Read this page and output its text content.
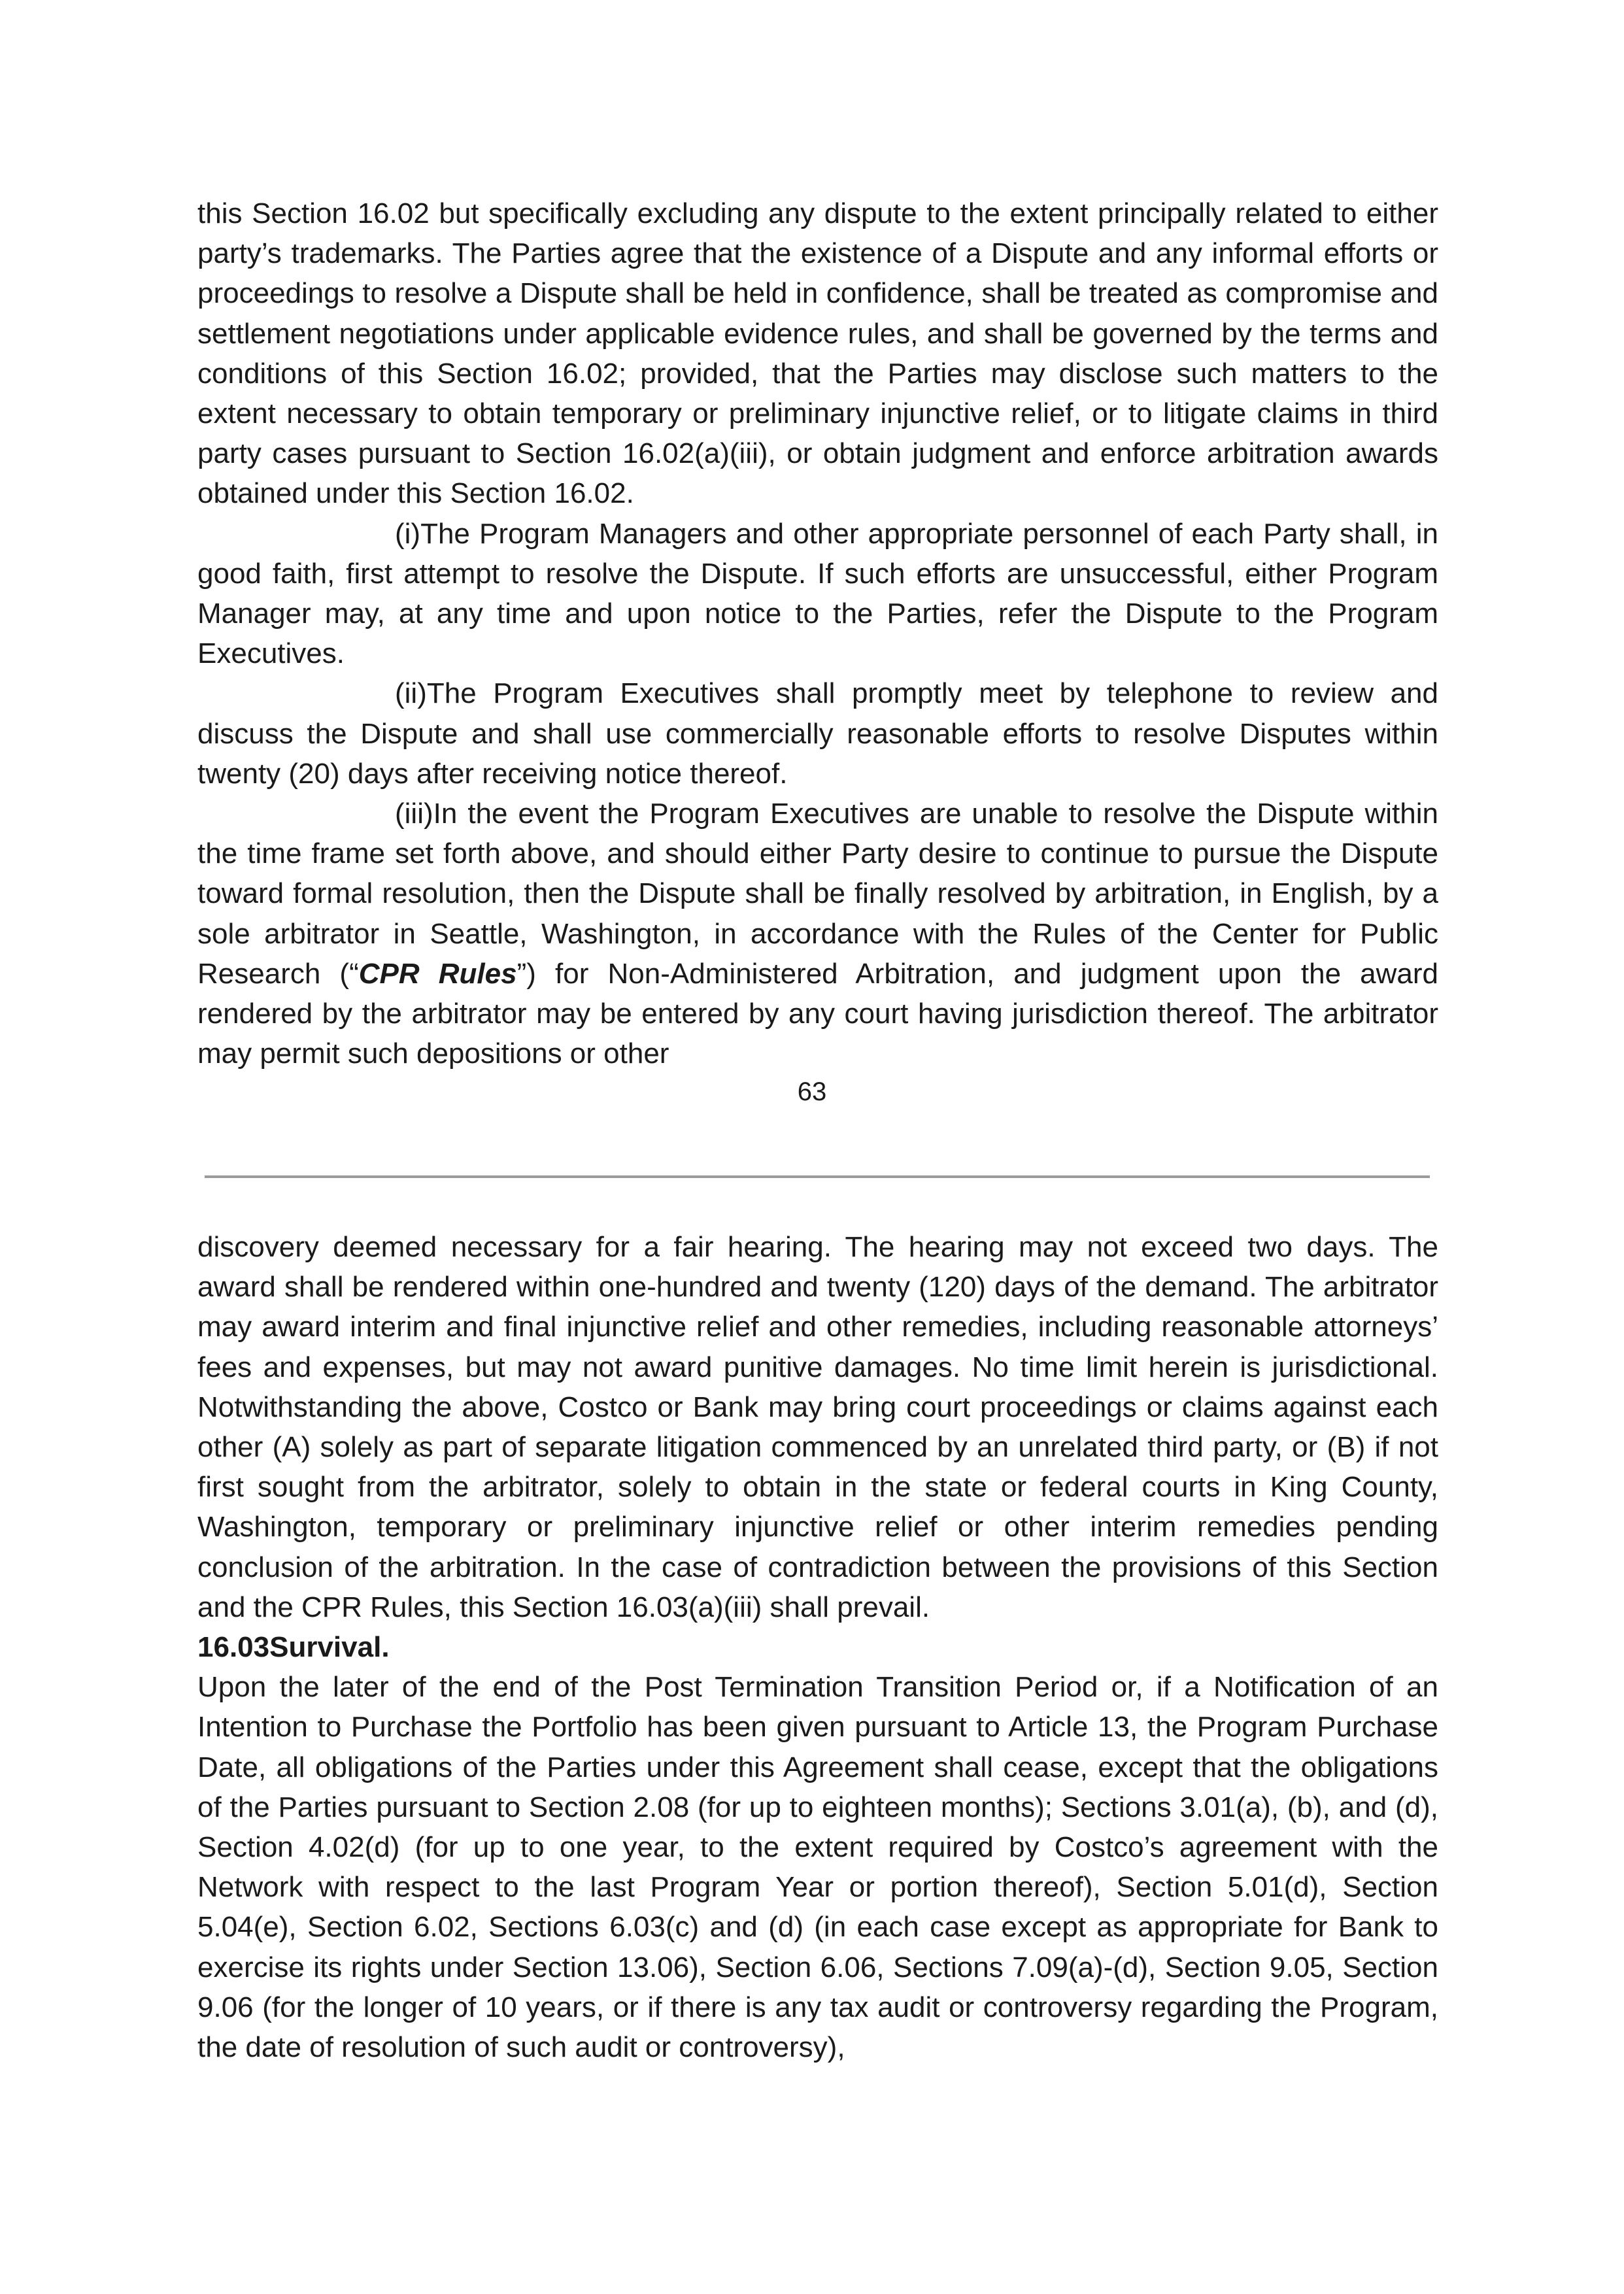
this Section 16.02 but specifically excluding any dispute to the extent principally related to either party’s trademarks. The Parties agree that the existence of a Dispute and any informal efforts or proceedings to resolve a Dispute shall be held in confidence, shall be treated as compromise and settlement negotiations under applicable evidence rules, and shall be governed by the terms and conditions of this Section 16.02; provided, that the Parties may disclose such matters to the extent necessary to obtain temporary or preliminary injunctive relief, or to litigate claims in third party cases pursuant to Section 16.02(a)(iii), or obtain judgment and enforce arbitration awards obtained under this Section 16.02.

(i)The Program Managers and other appropriate personnel of each Party shall, in good faith, first attempt to resolve the Dispute. If such efforts are unsuccessful, either Program Manager may, at any time and upon notice to the Parties, refer the Dispute to the Program Executives.

(ii)The Program Executives shall promptly meet by telephone to review and discuss the Dispute and shall use commercially reasonable efforts to resolve Disputes within twenty (20) days after receiving notice thereof.

(iii)In the event the Program Executives are unable to resolve the Dispute within the time frame set forth above, and should either Party desire to continue to pursue the Dispute toward formal resolution, then the Dispute shall be finally resolved by arbitration, in English, by a sole arbitrator in Seattle, Washington, in accordance with the Rules of the Center for Public Research (“CPR Rules”) for Non-Administered Arbitration, and judgment upon the award rendered by the arbitrator may be entered by any court having jurisdiction thereof. The arbitrator may permit such depositions or other

63

discovery deemed necessary for a fair hearing. The hearing may not exceed two days. The award shall be rendered within one-hundred and twenty (120) days of the demand. The arbitrator may award interim and final injunctive relief and other remedies, including reasonable attorneys’ fees and expenses, but may not award punitive damages. No time limit herein is jurisdictional. Notwithstanding the above, Costco or Bank may bring court proceedings or claims against each other (A) solely as part of separate litigation commenced by an unrelated third party, or (B) if not first sought from the arbitrator, solely to obtain in the state or federal courts in King County, Washington, temporary or preliminary injunctive relief or other interim remedies pending conclusion of the arbitration. In the case of contradiction between the provisions of this Section and the CPR Rules, this Section 16.03(a)(iii) shall prevail.

16.03Survival.

Upon the later of the end of the Post Termination Transition Period or, if a Notification of an Intention to Purchase the Portfolio has been given pursuant to Article 13, the Program Purchase Date, all obligations of the Parties under this Agreement shall cease, except that the obligations of the Parties pursuant to Section 2.08 (for up to eighteen months); Sections 3.01(a), (b), and (d), Section 4.02(d) (for up to one year, to the extent required by Costco’s agreement with the Network with respect to the last Program Year or portion thereof), Section 5.01(d), Section 5.04(e), Section 6.02, Sections 6.03(c) and (d) (in each case except as appropriate for Bank to exercise its rights under Section 13.06), Section 6.06, Sections 7.09(a)-(d), Section 9.05, Section 9.06 (for the longer of 10 years, or if there is any tax audit or controversy regarding the Program, the date of resolution of such audit or controversy),
